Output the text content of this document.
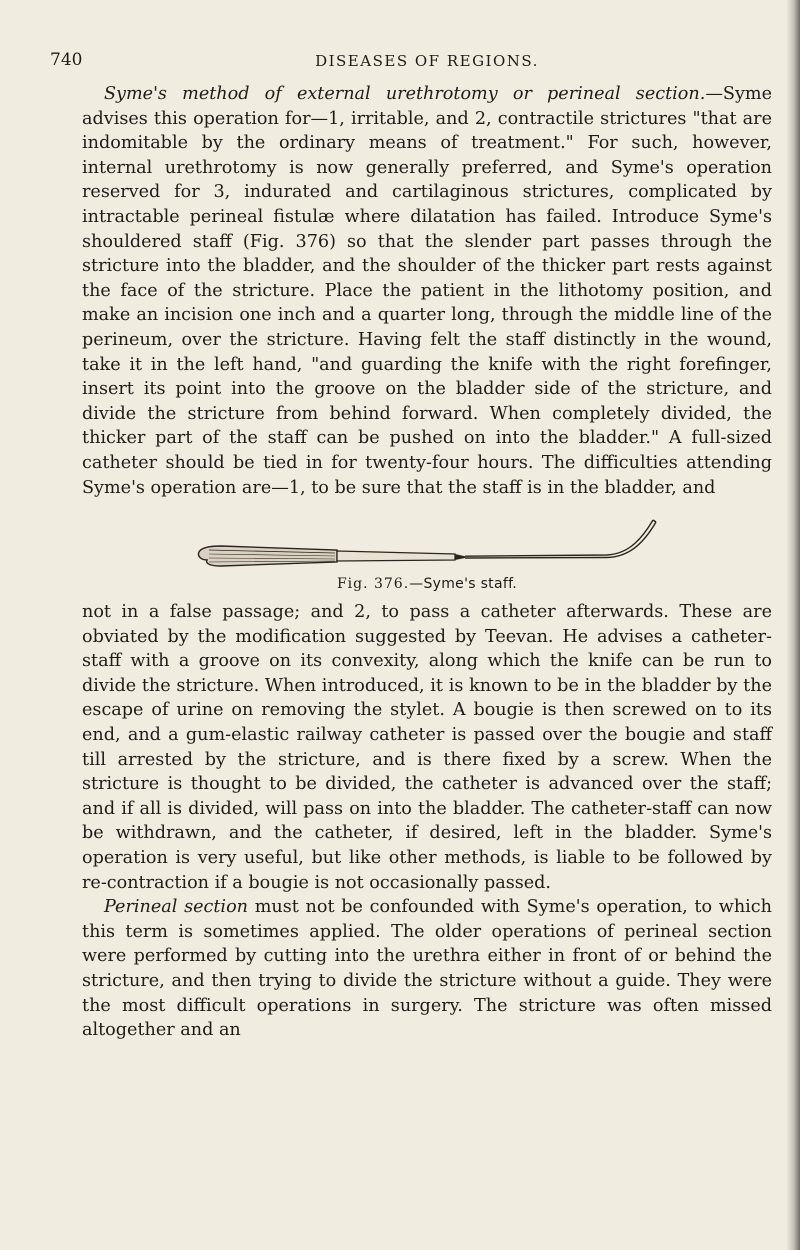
740	DISEASES OF REGIONS.

Syme's method of external urethrotomy or perineal section.—Syme advises this operation for—1, irritable, and 2, contractile strictures "that are indomitable by the ordinary means of treatment." For such, however, internal urethrotomy is now generally preferred, and Syme's operation reserved for 3, indurated and cartilaginous strictures, complicated by intractable perineal fistulæ where dilatation has failed. Introduce Syme's shouldered staff (Fig. 376) so that the slender part passes through the stricture into the bladder, and the shoulder of the thicker part rests against the face of the stricture. Place the patient in the lithotomy position, and make an incision one inch and a quarter long, through the middle line of the perineum, over the stricture. Having felt the staff distinctly in the wound, take it in the left hand, "and guarding the knife with the right forefinger, insert its point into the groove on the bladder side of the stricture, and divide the stricture from behind forward. When completely divided, the thicker part of the staff can be pushed on into the bladder." A full-sized catheter should be tied in for twenty-four hours. The difficulties attending Syme's operation are—1, to be sure that the staff is in the bladder, and

Fig. 376.—Syme's staff.

not in a false passage; and 2, to pass a catheter afterwards. These are obviated by the modification suggested by Teevan. He advises a catheter-staff with a groove on its convexity, along which the knife can be run to divide the stricture. When introduced, it is known to be in the bladder by the escape of urine on removing the stylet. A bougie is then screwed on to its end, and a gum-elastic railway catheter is passed over the bougie and staff till arrested by the stricture, and is there fixed by a screw. When the stricture is thought to be divided, the catheter is advanced over the staff; and if all is divided, will pass on into the bladder. The catheter-staff can now be withdrawn, and the catheter, if desired, left in the bladder. Syme's operation is very useful, but like other methods, is liable to be followed by re-contraction if a bougie is not occasionally passed.

Perineal section must not be confounded with Syme's operation, to which this term is sometimes applied. The older operations of perineal section were performed by cutting into the urethra either in front of or behind the stricture, and then trying to divide the stricture without a guide. They were the most difficult operations in surgery. The stricture was often missed altogether and an
